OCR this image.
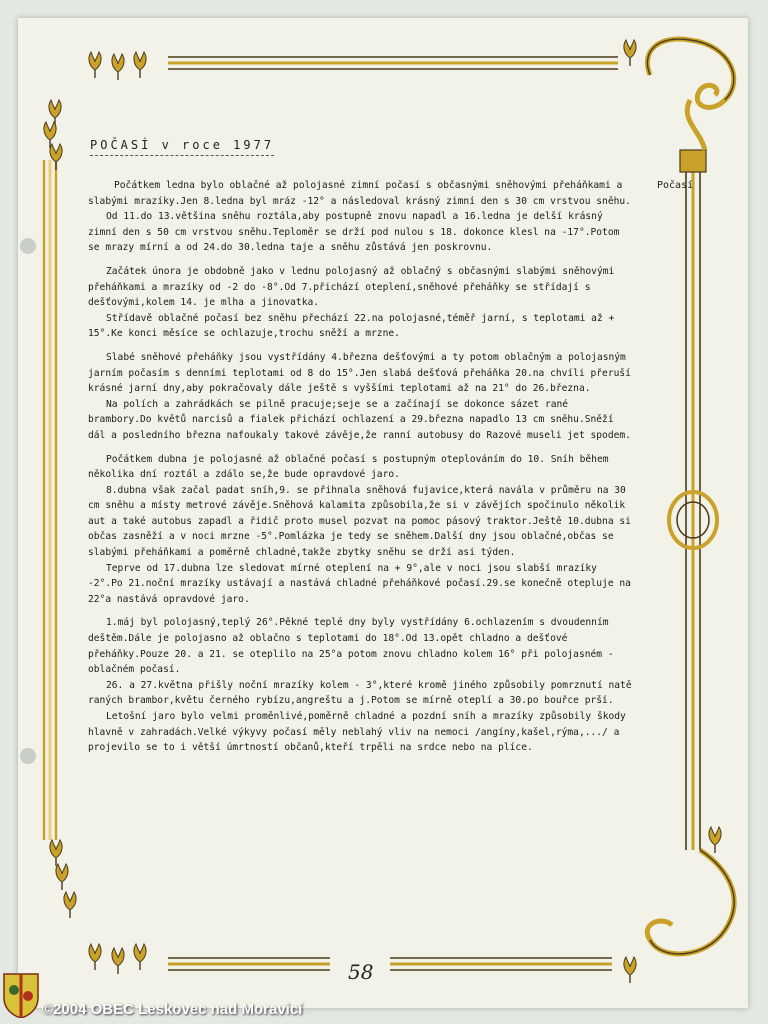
POČASÍ v roce 1977
Počasí

Počátkem ledna bylo oblačné až polojasné zimní počasí s občasnými sněhovými přeháňkami a slabými mrazíky.Jen 8.ledna byl mráz -12° a následoval krásný zimní den s 30 cm vrstvou sněhu.

Od 11.do 13.většina sněhu roztála,aby postupně znovu napadl a 16.ledna je delší krásný zimní den s 50 cm vrstvou sněhu.Teploměr se drží pod nulou s 18. dokonce klesl na -17°.Potom se mrazy mírní a od 24.do 30.ledna taje a sněhu zůstává jen poskrovnu.

Začátek února je obdobně jako v lednu polojasný až oblačný s občasnými slabými sněhovými přeháňkami a mrazíky od -2 do -8°.Od 7.přichází oteplení,sněhové přeháňky se střídají s dešťovými,kolem 14. je mlha a jinovatka.

Střídavě oblačné počasí bez sněhu přechází 22.na polojasné,téměř jarní, s teplotami až + 15°.Ke konci měsíce se ochlazuje,trochu sněží a mrzne.

Slabé sněhové přeháňky jsou vystřídány 4.března dešťovými a ty potom oblačným a polojasným jarním počasím s denními teplotami od 8 do 15°.Jen slabá dešťová přeháňka 20.na chvíli přeruší krásné jarní dny,aby pokračovaly dále ještě s vyššími teplotami až na 21° do 26.března.

Na polích a zahrádkách se pilně pracuje;seje se a začínají se dokonce sázet rané brambory.Do květů narcisů a fialek přichází ochlazení a 29.března napadlo 13 cm sněhu.Sněží dál a posledního března nafoukaly takové závěje,že ranní autobusy do Razové museli jet spodem.

Počátkem dubna je polojasné až oblačné počasí s postupným oteplováním do 10. Sníh během několika dní roztál a zdálo se,že bude opravdové jaro.

8.dubna však začal padat sníh,9. se přihnala sněhová fujavice,která navála v průměru na 30 cm sněhu a místy metrové závěje.Sněhová kalamita způsobila,že si v závějích spočinulo několik aut a také autobus zapadl a řidič proto musel pozvat na pomoc pásový traktor.Ještě 10.dubna si občas zasněží a v noci mrzne -5°.Pomlázka je tedy se sněhem.Další dny jsou oblačné,občas se slabými přeháňkami a poměrně chladné,takže zbytky sněhu se drží asi týden.

Teprve od 17.dubna lze sledovat mírné oteplení na + 9°,ale v noci jsou slabší mrazíky -2°.Po 21.noční mrazíky ustávají a nastává chladné přeháňkové počasí.29.se konečně otepluje na 22°a nastává opravdové jaro.

1.máj byl polojasný,teplý 26°.Pěkné teplé dny byly vystřídány 6.ochlazením s dvoudenním deštěm.Dále je polojasno až oblačno s teplotami do 18°.Od 13.opět chladno a dešťové přeháňky.Pouze 20. a 21. se oteplilo na 25°a potom znovu chladno kolem 16° při polojasném - oblačném počasí.

26. a 27.května přišly noční mrazíky kolem - 3°,které kromě jiného způsobily pomrznutí natě raných brambor,květu černého rybízu,angreštu a j.Potom se mírně oteplí a 30.po bouřce prší.

Letošní jaro bylo velmi proměnlivé,poměrně chladné a pozdní sníh a mrazíky způsobily škody hlavně v zahradách.Velké výkyvy počasí měly neblahý vliv na nemoci /angíny,kašel,rýma,.../ a projevilo se to i větší úmrtností občanů,kteří trpěli na srdce nebo na plíce.

58
©2004 OBEC Leskovec nad Moravicí
